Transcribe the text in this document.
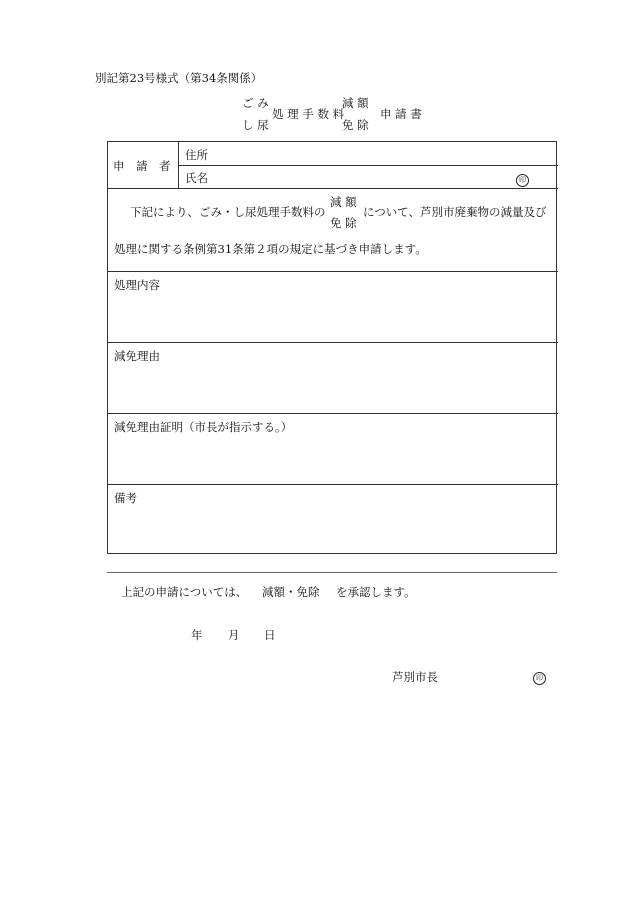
別記第23号様式（第34条関係）
ご み
し 尿
処 理 手 数 料
減 額
免 除
申 請 書
申　請　者
住所
氏名	印
下記により、ごみ・し尿処理手数料の
減 額
免 除
について、芦別市廃棄物の減量及び
処理に関する条例第31条第２項の規定に基づき申請します。
処理内容
減免理由
減免理由証明（市長が指示する。）
備考
上記の申請については、 減額・免除 を承認します。
年 月 日
芦別市長	印
